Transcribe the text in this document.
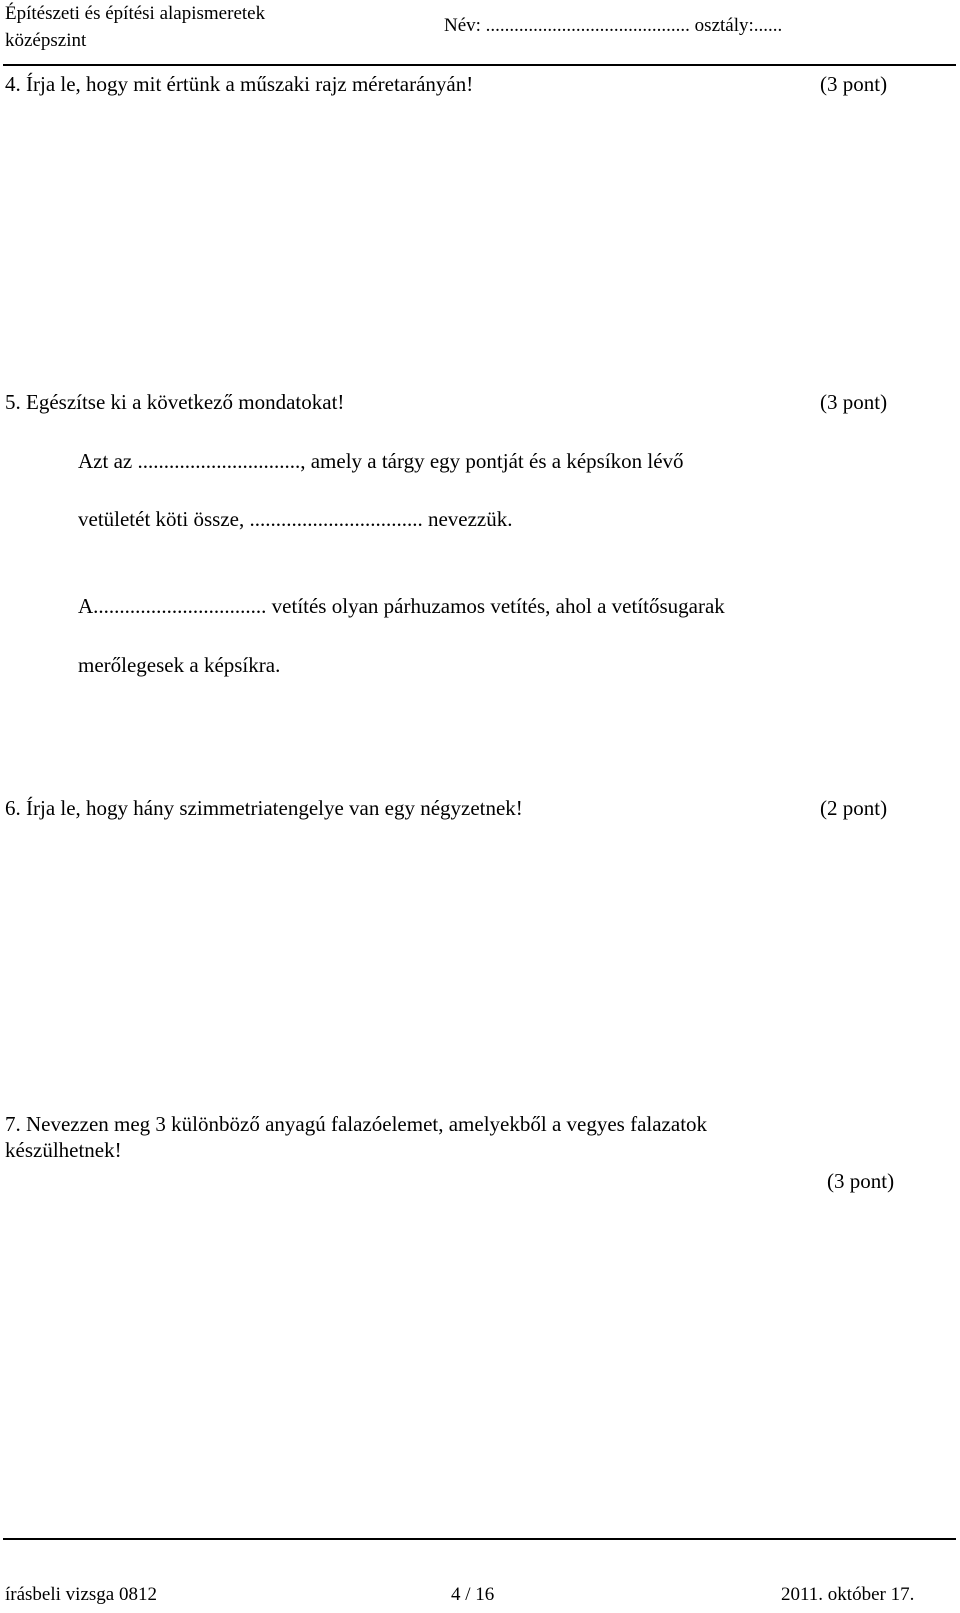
Építészeti és építési alapismeretek
középszint
Név: ........................................... osztály:......
4. Írja le, hogy mit értünk a műszaki rajz méretarányán!	(3 pont)
5. Egészítse ki a következő mondatokat!	(3 pont)
Azt az ..............................., amely a tárgy egy pontját és a képsíkon lévő
vetületét köti össze, ................................. nevezzük.
A................................. vetítés olyan párhuzamos vetítés, ahol a vetítősugarak
merőlegesek a képsíkra.
6. Írja le, hogy hány szimmetriatengelye van egy négyzetnek!	(2 pont)
7. Nevezzen meg 3 különböző anyagú falazóelemet, amelyekből a vegyes falazatok
készülhetnek!
(3 pont)
írásbeli vizsga 0812	4 / 16	2011. október 17.
